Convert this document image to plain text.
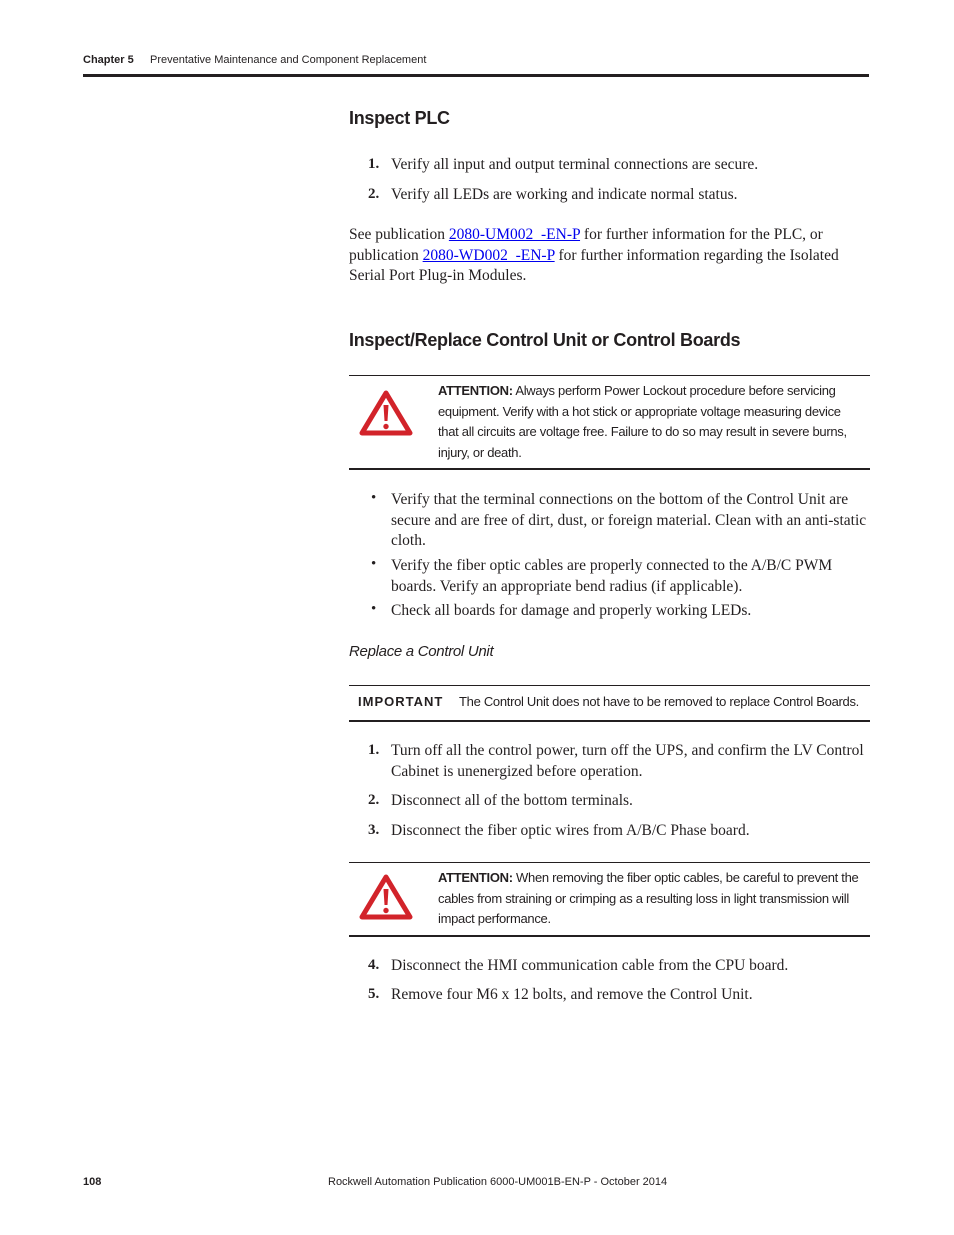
Chapter 5 Preventative Maintenance and Component Replacement
Inspect PLC
1. Verify all input and output terminal connections are secure.
2. Verify all LEDs are working and indicate normal status.

See publication 2080-UM002_-EN-P for further information for the PLC, or publication 2080-WD002_-EN-P for further information regarding the Isolated Serial Port Plug-in Modules.

Inspect/Replace Control Unit or Control Boards
ATTENTION: Always perform Power Lockout procedure before servicing equipment. Verify with a hot stick or appropriate voltage measuring device that all circuits are voltage free. Failure to do so may result in severe burns, injury, or death.
• Verify that the terminal connections on the bottom of the Control Unit are secure and are free of dirt, dust, or foreign material. Clean with an anti-static cloth.
• Verify the fiber optic cables are properly connected to the A/B/C PWM boards. Verify an appropriate bend radius (if applicable).
• Check all boards for damage and properly working LEDs.
Replace a Control Unit
IMPORTANT The Control Unit does not have to be removed to replace Control Boards.
1. Turn off all the control power, turn off the UPS, and confirm the LV Control Cabinet is unenergized before operation.
2. Disconnect all of the bottom terminals.
3. Disconnect the fiber optic wires from A/B/C Phase board.
ATTENTION: When removing the fiber optic cables, be careful to prevent the cables from straining or crimping as a resulting loss in light transmission will impact performance.
4. Disconnect the HMI communication cable from the CPU board.
5. Remove four M6 x 12 bolts, and remove the Control Unit.
108	Rockwell Automation Publication 6000-UM001B-EN-P - October 2014
